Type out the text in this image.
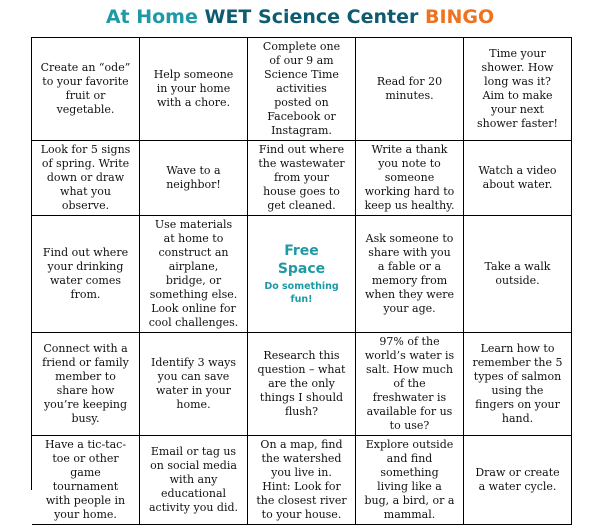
At Home WET Science Center BINGO
Create an “ode” to your favorite fruit or vegetable.
Help someone in your home with a chore.
Complete one of our 9 am Science Time activities posted on Facebook or Instagram.
Read for 20 minutes.
Time your shower. How long was it? Aim to make your next shower faster!
Look for 5 signs of spring. Write down or draw what you observe.
Wave to a neighbor!
Find out where the wastewater from your house goes to get cleaned.
Write a thank you note to someone working hard to keep us healthy.
Watch a video about water.
Find out where your drinking water comes from.
Use materials at home to construct an airplane, bridge, or something else. Look online for cool challenges.
Free
Space
Do something fun!
Ask someone to share with you a fable or a memory from when they were your age.
Take a walk outside.
Connect with a friend or family member to share how you’re keeping busy.
Identify 3 ways you can save water in your home.
Research this question – what are the only things I should flush?
97% of the world’s water is salt. How much of the freshwater is available for us to use?
Learn how to remember the 5 types of salmon using the fingers on your hand.
Have a tic-tac-toe or other game tournament with people in your home.
Email or tag us on social media with any educational activity you did.
On a map, find the watershed you live in. Hint: Look for the closest river to your house.
Explore outside and find something living like a bug, a bird, or a mammal.
Draw or create a water cycle.
